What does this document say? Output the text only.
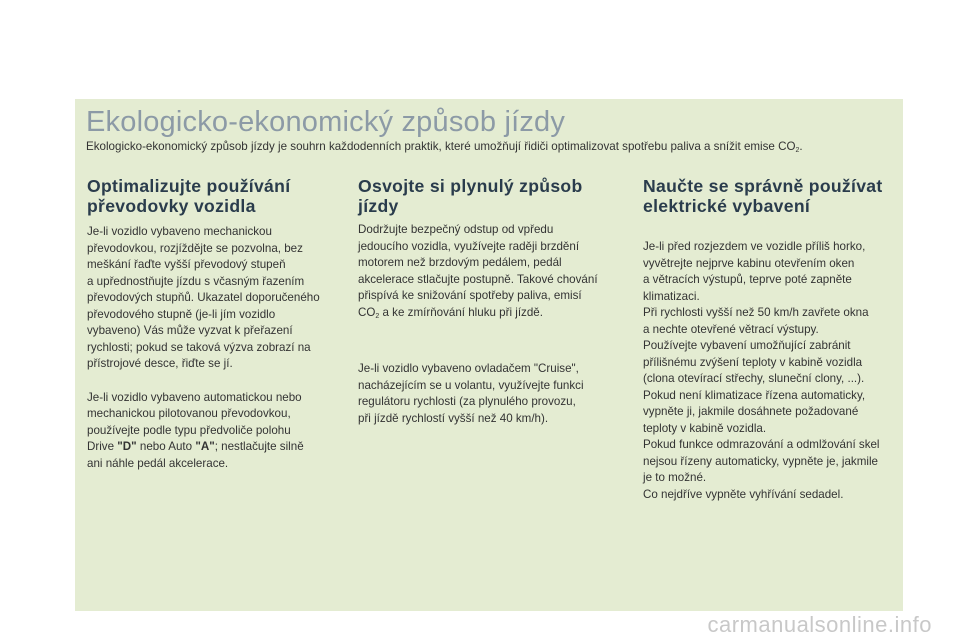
Ekologicko-ekonomický způsob jízdy

Ekologicko-ekonomický způsob jízdy je souhrn každodenních praktik, které umožňují řidiči optimalizovat spotřebu paliva a snížit emise $CO_2$.

Optimalizujte používání
převodovky vozidla

Je-li vozidlo vybaveno mechanickou
převodovkou, rozjíždějte se pozvolna, bez
meškání řaďte vyšší převodový stupeň
a upřednostňujte jízdu s včasným řazením
převodových stupňů. Ukazatel doporučeného
převodového stupně (je-li jím vozidlo
vybaveno) Vás může vyzvat k přeřazení
rychlosti; pokud se taková výzva zobrazí na
přístrojové desce, řiďte se jí.

Je-li vozidlo vybaveno automatickou nebo
mechanickou pilotovanou převodovkou,
používejte podle typu předvoliče polohu
Drive "D" nebo Auto "A"; nestlačujte silně
ani náhle pedál akcelerace.

Osvojte si plynulý způsob
jízdy

Dodržujte bezpečný odstup od vpředu
jedoucího vozidla, využívejte raději brzdění
motorem než brzdovým pedálem, pedál
akcelerace stlačujte postupně. Takové chování
přispívá ke snižování spotřeby paliva, emisí
$CO_2$ a ke zmírňování hluku při jízdě.

Je-li vozidlo vybaveno ovladačem "Cruise",
nacházejícím se u volantu, využívejte funkci
regulátoru rychlosti (za plynulého provozu,
při jízdě rychlostí vyšší než 40 km/h).

Naučte se správně používat
elektrické vybavení

Je-li před rozjezdem ve vozidle příliš horko,
vyvětrejte nejprve kabinu otevřením oken
a větracích výstupů, teprve poté zapněte
klimatizaci.
Při rychlosti vyšší než 50 km/h zavřete okna
a nechte otevřené větrací výstupy.
Používejte vybavení umožňující zabránit
přílišnému zvýšení teploty v kabině vozidla
(clona otevírací střechy, sluneční clony, ...).
Pokud není klimatizace řízena automaticky,
vypněte ji, jakmile dosáhnete požadované
teploty v kabině vozidla.
Pokud funkce odmrazování a odmlžování skel
nejsou řízeny automaticky, vypněte je, jakmile
je to možné.
Co nejdříve vypněte vyhřívání sedadel.

carmanualsonline.info
